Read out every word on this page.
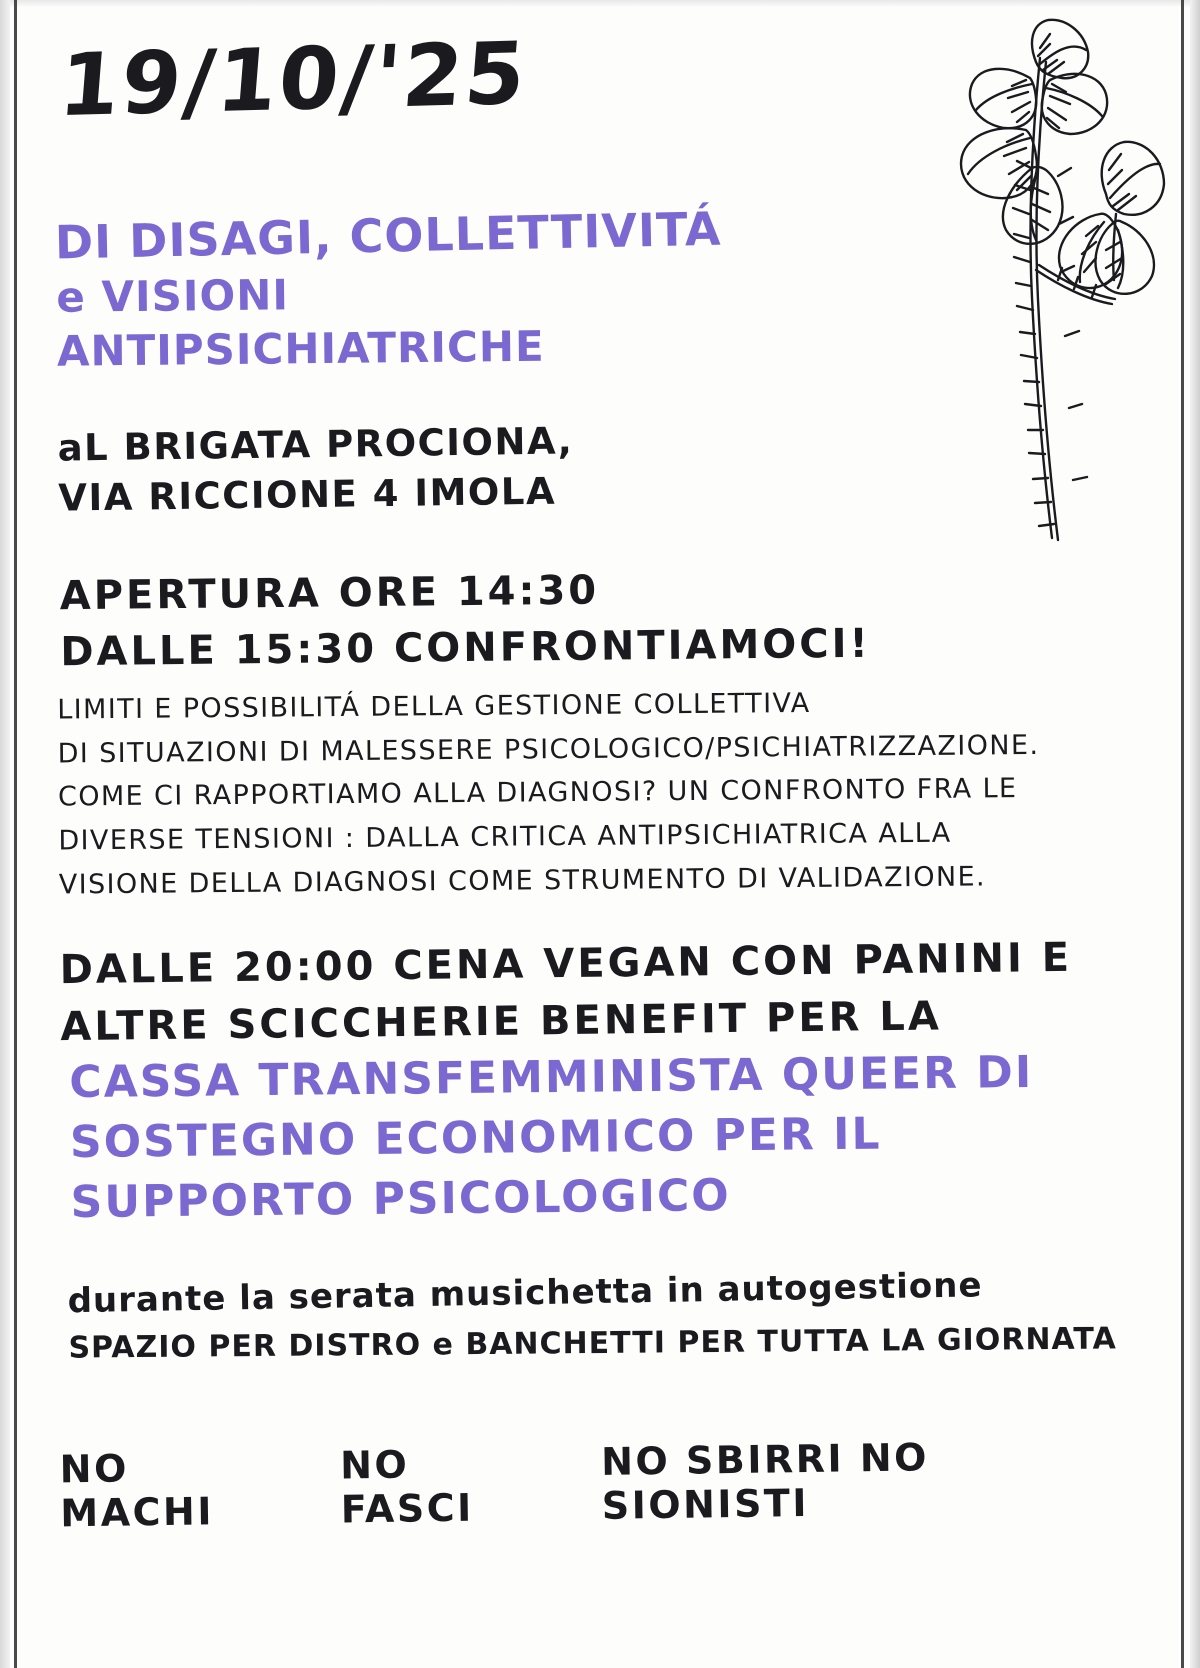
19/10/'25
DI DISAGI, COLLETTIVITÁ
e VISIONI ANTIPSICHIATRICHE
aL BRIGATA PROCIONA,
VIA RICCIONE 4 IMOLA
APERTURA ORE 14:30
DALLE 15:30 CONFRONTIAMOCI!
LIMITI E POSSIBILITÁ DELLA GESTIONE COLLETTIVA
DI SITUAZIONI DI MALESSERE PSICOLOGICO/PSICHIATRIZZAZIONE.
COME CI RAPPORTIAMO ALLA DIAGNOSI? UN CONFRONTO FRA LE
DIVERSE TENSIONI : DALLA CRITICA ANTIPSICHIATRICA ALLA
VISIONE DELLA DIAGNOSI COME STRUMENTO DI VALIDAZIONE.
DALLE 20:00 CENA VEGAN CON PANINI E
ALTRE SCICCHERIE BENEFIT PER LA
CASSA TRANSFEMMINISTA QUEER DI
SOSTEGNO ECONOMICO PER IL
SUPPORTO PSICOLOGICO
durante la serata musichetta in autogestione
SPAZIO PER DISTRO e BANCHETTI PER TUTTA LA GIORNATA
NO MACHI
NO FASCI
NO SBIRRI NO SIONISTI
